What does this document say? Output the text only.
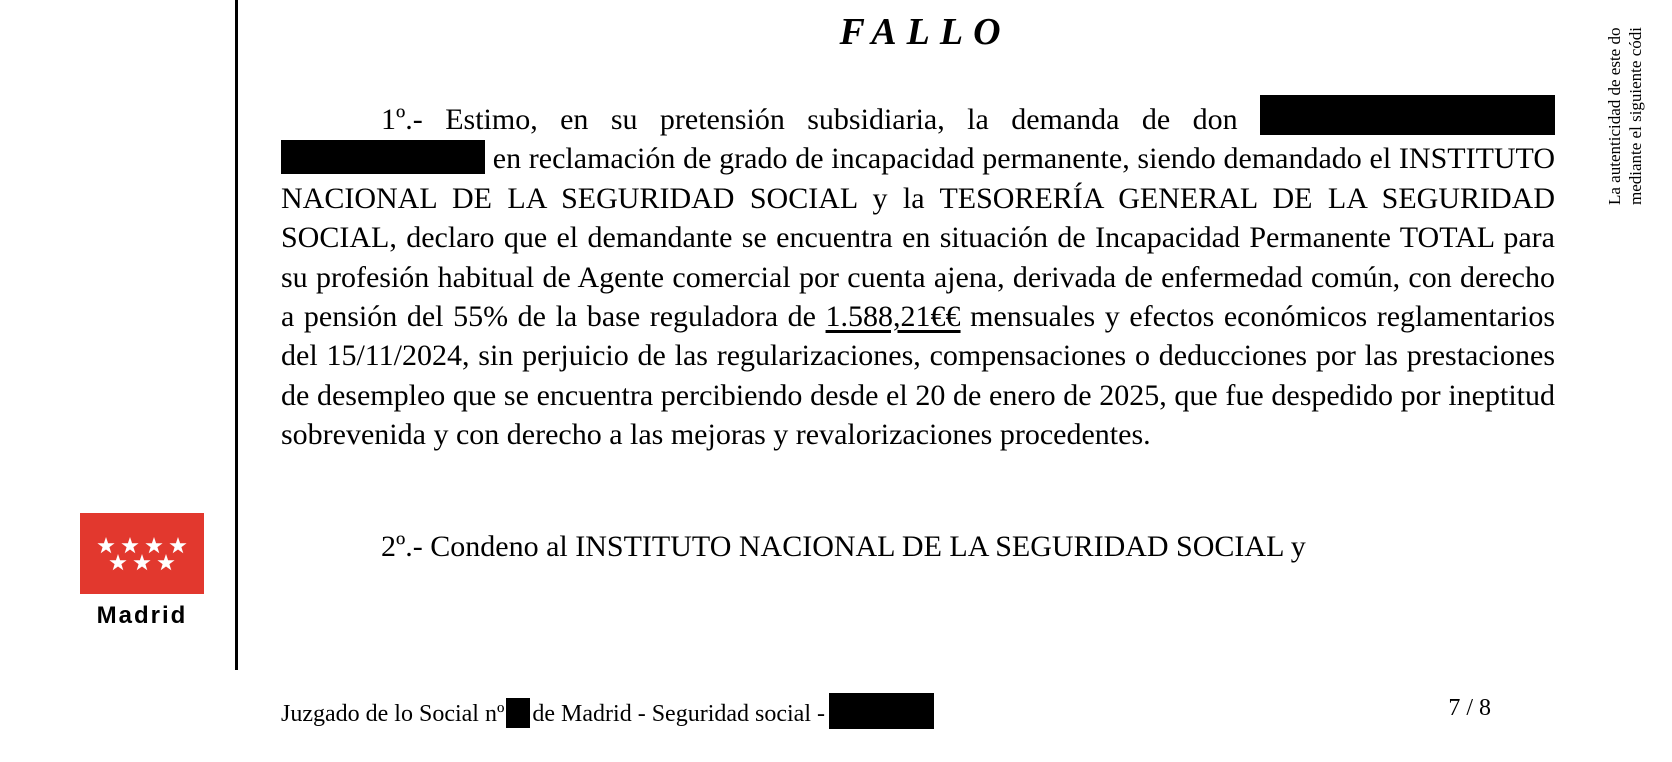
Madrid
FALLO
1º.- Estimo, en su pretensión subsidiaria, la demanda de don   en reclamación de grado de incapacidad permanente, siendo demandado el INSTITUTO NACIONAL DE LA SEGURIDAD SOCIAL y la TESORERÍA GENERAL DE LA SEGURIDAD SOCIAL, declaro que el demandante se encuentra en situación de Incapacidad Permanente TOTAL para su profesión habitual de Agente comercial por cuenta ajena, derivada de enfermedad común, con derecho a pensión del 55% de la base reguladora de 1.588,21€€ mensuales y efectos económicos reglamentarios del 15/11/2024, sin perjuicio de las regularizaciones, compensaciones o deducciones por las prestaciones de desempleo que se encuentra percibiendo desde el 20 de enero de 2025, que fue despedido por ineptitud sobrevenida y con derecho a las mejoras y revalorizaciones procedentes.
2º.- Condeno al INSTITUTO NACIONAL DE LA SEGURIDAD SOCIAL y
Juzgado de lo Social nº de Madrid - Seguridad social -	7 / 8
La autenticidad de este do mediante el siguiente códi
